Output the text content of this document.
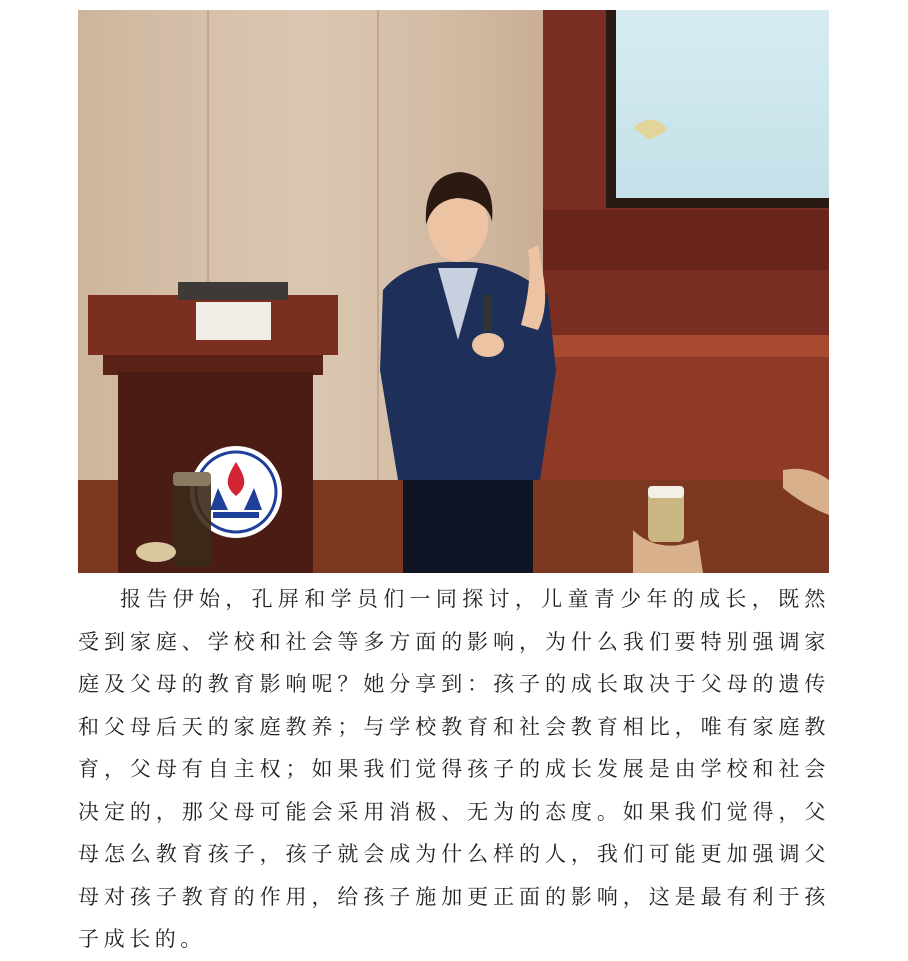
报告伊始，孔屏和学员们一同探讨，儿童青少年的成长，既然受到家庭、学校和社会等多方面的影响，为什么我们要特别强调家庭及父母的教育影响呢？她分享到：孩子的成长取决于父母的遗传和父母后天的家庭教养；与学校教育和社会教育相比，唯有家庭教育，父母有自主权；如果我们觉得孩子的成长发展是由学校和社会决定的，那父母可能会采用消极、无为的态度。如果我们觉得，父母怎么教育孩子，孩子就会成为什么样的人，我们可能更加强调父母对孩子教育的作用，给孩子施加更正面的影响，这是最有利于孩子成长的。
